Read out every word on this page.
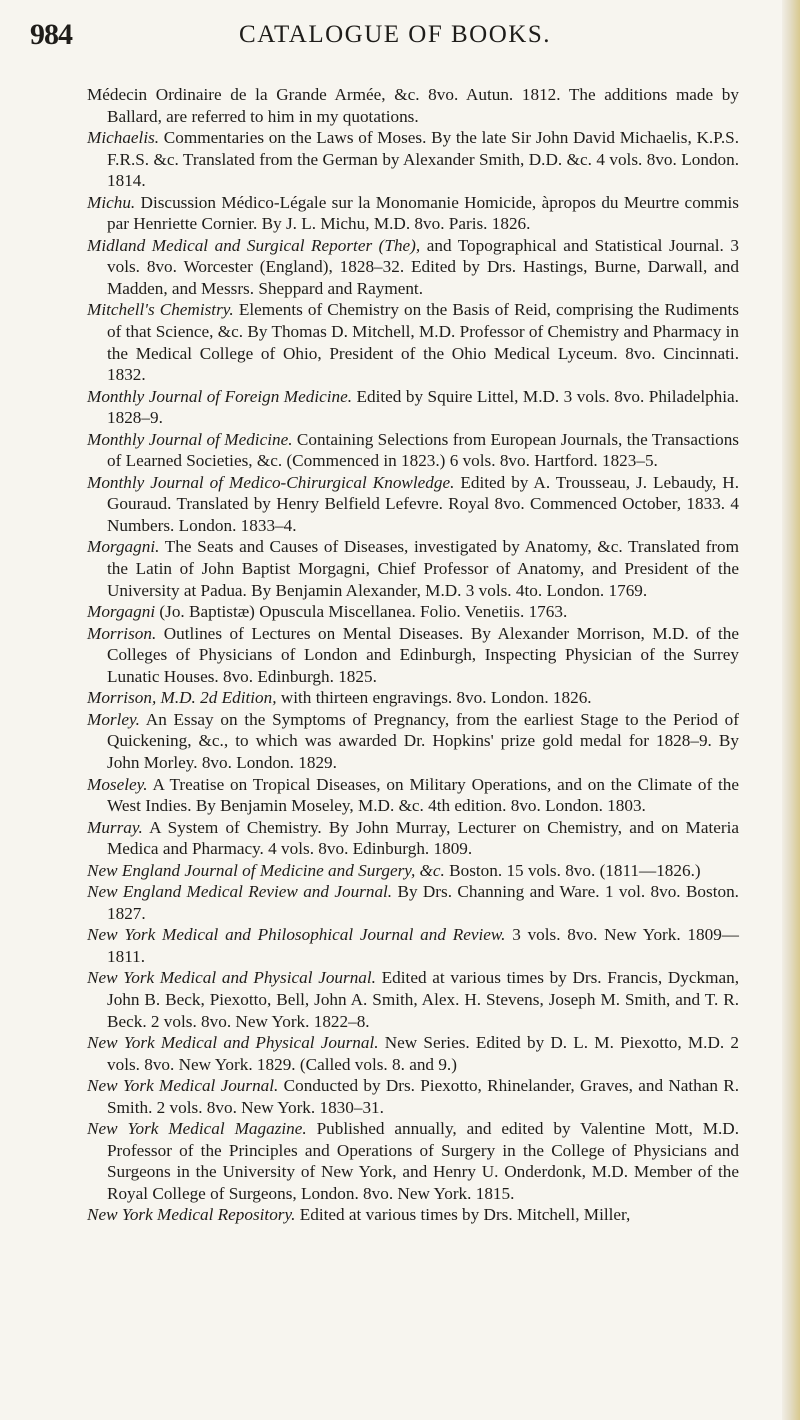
984	CATALOGUE OF BOOKS.

Médecin Ordinaire de la Grande Armée, &c. 8vo. Autun. 1812. The additions made by Ballard, are referred to him in my quotations.

Michaelis. Commentaries on the Laws of Moses. By the late Sir John David Michaelis, K.P.S. F.R.S. &c. Translated from the German by Alexander Smith, D.D. &c. 4 vols. 8vo. London. 1814.

Michu. Discussion Médico-Légale sur la Monomanie Homicide, àpropos du Meurtre commis par Henriette Cornier. By J. L. Michu, M.D. 8vo. Paris. 1826.

Midland Medical and Surgical Reporter (The), and Topographical and Statistical Journal. 3 vols. 8vo. Worcester (England), 1828–32. Edited by Drs. Hastings, Burne, Darwall, and Madden, and Messrs. Sheppard and Rayment.

Mitchell's Chemistry. Elements of Chemistry on the Basis of Reid, comprising the Rudiments of that Science, &c. By Thomas D. Mitchell, M.D. Professor of Chemistry and Pharmacy in the Medical College of Ohio, President of the Ohio Medical Lyceum. 8vo. Cincinnati. 1832.

Monthly Journal of Foreign Medicine. Edited by Squire Littel, M.D. 3 vols. 8vo. Philadelphia. 1828–9.

Monthly Journal of Medicine. Containing Selections from European Journals, the Transactions of Learned Societies, &c. (Commenced in 1823.) 6 vols. 8vo. Hartford. 1823–5.

Monthly Journal of Medico-Chirurgical Knowledge. Edited by A. Trousseau, J. Lebaudy, H. Gouraud. Translated by Henry Belfield Lefevre. Royal 8vo. Commenced October, 1833. 4 Numbers. London. 1833–4.

Morgagni. The Seats and Causes of Diseases, investigated by Anatomy, &c. Translated from the Latin of John Baptist Morgagni, Chief Professor of Anatomy, and President of the University at Padua. By Benjamin Alexander, M.D. 3 vols. 4to. London. 1769.

Morgagni (Jo. Baptistæ) Opuscula Miscellanea. Folio. Venetiis. 1763.

Morrison. Outlines of Lectures on Mental Diseases. By Alexander Morrison, M.D. of the Colleges of Physicians of London and Edinburgh, Inspecting Physician of the Surrey Lunatic Houses. 8vo. Edinburgh. 1825.

Morrison, M.D. 2d Edition, with thirteen engravings. 8vo. London. 1826.

Morley. An Essay on the Symptoms of Pregnancy, from the earliest Stage to the Period of Quickening, &c., to which was awarded Dr. Hopkins' prize gold medal for 1828–9. By John Morley. 8vo. London. 1829.

Moseley. A Treatise on Tropical Diseases, on Military Operations, and on the Climate of the West Indies. By Benjamin Moseley, M.D. &c. 4th edition. 8vo. London. 1803.

Murray. A System of Chemistry. By John Murray, Lecturer on Chemistry, and on Materia Medica and Pharmacy. 4 vols. 8vo. Edinburgh. 1809.

New England Journal of Medicine and Surgery, &c. Boston. 15 vols. 8vo. (1811—1826.)

New England Medical Review and Journal. By Drs. Channing and Ware. 1 vol. 8vo. Boston. 1827.

New York Medical and Philosophical Journal and Review. 3 vols. 8vo. New York. 1809—1811.

New York Medical and Physical Journal. Edited at various times by Drs. Francis, Dyckman, John B. Beck, Piexotto, Bell, John A. Smith, Alex. H. Stevens, Joseph M. Smith, and T. R. Beck. 2 vols. 8vo. New York. 1822–8.

New York Medical and Physical Journal. New Series. Edited by D. L. M. Piexotto, M.D. 2 vols. 8vo. New York. 1829. (Called vols. 8. and 9.)

New York Medical Journal. Conducted by Drs. Piexotto, Rhinelander, Graves, and Nathan R. Smith. 2 vols. 8vo. New York. 1830–31.

New York Medical Magazine. Published annually, and edited by Valentine Mott, M.D. Professor of the Principles and Operations of Surgery in the College of Physicians and Surgeons in the University of New York, and Henry U. Onderdonk, M.D. Member of the Royal College of Surgeons, London. 8vo. New York. 1815.

New York Medical Repository. Edited at various times by Drs. Mitchell, Miller,
